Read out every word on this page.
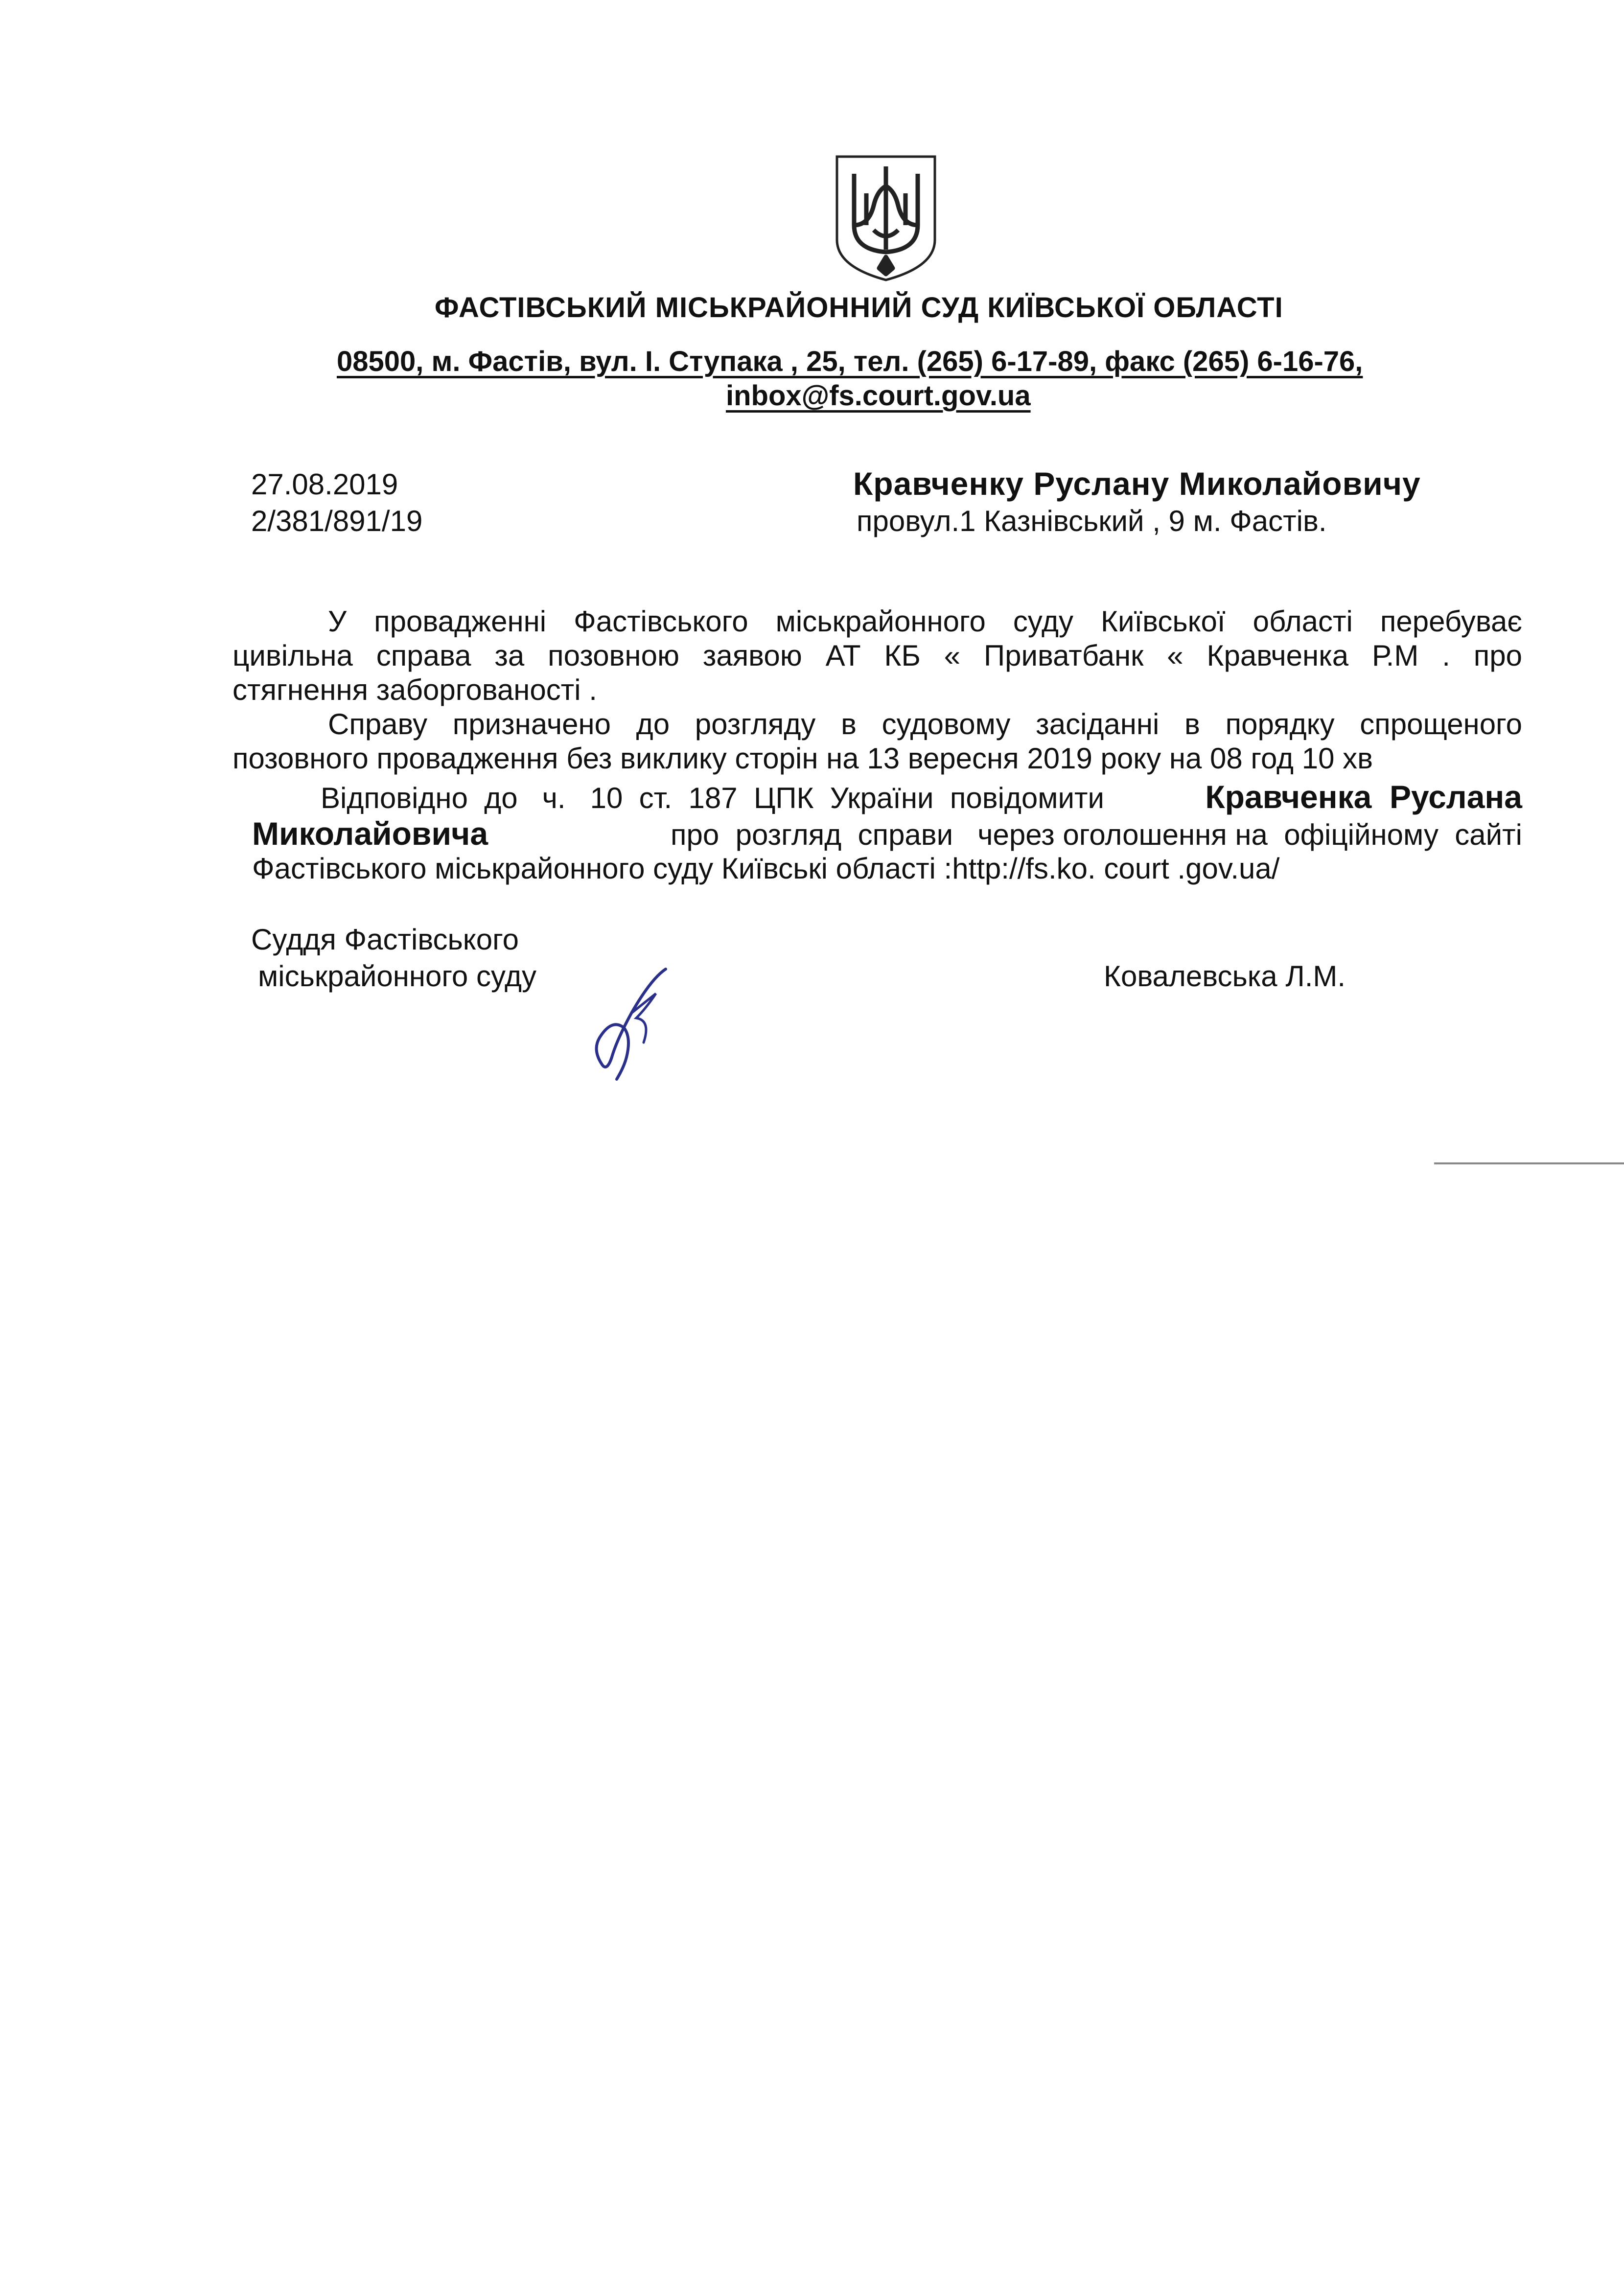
ФАСТІВСЬКИЙ МІСЬКРАЙОННИЙ СУД КИЇВСЬКОЇ ОБЛАСТІ
08500, м. Фастів, вул. І. Ступака , 25, тел. (265) 6-17-89, факс (265) 6-16-76,
inbox@fs.court.gov.ua
27.08.2019
2/381/891/19
Кравченку Руслану Миколайовичу
провул.1 Казнівський , 9 м. Фастів.
У провадженні Фастівського міськрайонного суду Київської області перебуває
цивільна справа за позовною заявою АТ КБ « Приватбанк « Кравченка Р.М . про
стягнення заборгованості .
Справу призначено до розгляду в судовому засіданні в порядку спрощеного
позовного провадження без виклику сторін на 13 вересня 2019 року на 08 год 10 хв
Відповідно  до   ч.   10  ст.  187  ЦПК  України  повідомити	Кравченка  Руслана
Миколайовича	про  розгляд  справи   через оголошення на  офіційному  сайті
Фастівського міськрайонного суду Київські області :http://fs.ko. court .gov.ua/
Суддя Фастівського
міськрайонного суду	Ковалевська Л.М.
